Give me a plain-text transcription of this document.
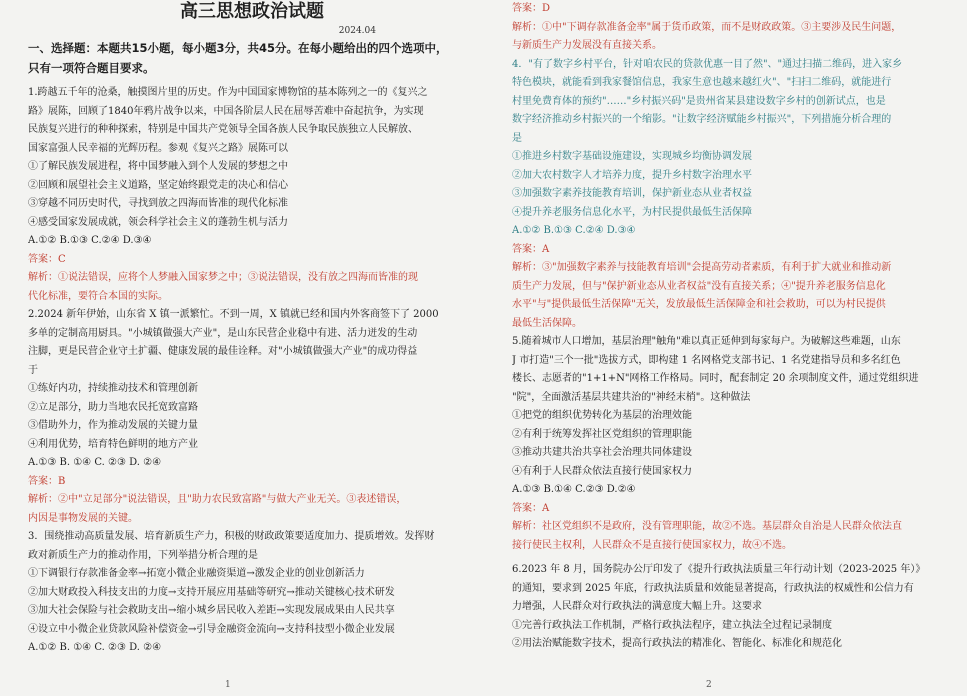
高三思想政治试题
2024.04
一、选择题：本题共15小题，每小题3分，共45分。在每小题给出的四个选项中，
只有一项符合题目要求。
1.跨越五千年的沧桑，触摸图片里的历史。作为中国国家博物馆的基本陈列之一的《复兴之
路》展陈，回顾了1840年鸦片战争以来，中国各阶层人民在屈辱苦难中奋起抗争，为实现
民族复兴进行的种种探索，特别是中国共产党领导全国各族人民争取民族独立人民解放、
国家富强人民幸福的光辉历程。参观《复兴之路》展陈可以
①了解民族发展进程，将中国梦融入到个人发展的梦想之中
②回顾和展望社会主义道路，坚定始终跟党走的决心和信心
③穿越不同历史时代，寻找到放之四海而皆准的现代化标准
④感受国家发展成就，领会科学社会主义的蓬勃生机与活力
A.①② B.①③ C.②④ D.③④
答案：C
解析：①说法错误，应将个人梦融入国家梦之中；③说法错误，没有放之四海而皆准的现
代化标准，要符合本国的实际。
2.2024 新年伊始，山东省 X 镇一派繁忙。不到一周，X 镇就已经和国内外客商签下了 2000
多单的定制高用厨具。"小城镇做强大产业"，是山东民营企业稳中有进、活力迸发的生动
注脚，更是民营企业守土扩疆、健康发展的最佳诠释。对"小城镇做强大产业"的成功得益
于
①练好内功，持续推动技术和管理创新
②立足部分，助力当地农民托宽致富路
③借助外力，作为推动发展的关键力量
④利用优势，培育特色鲜明的地方产业
A.①③ B. ①④ C. ②③ D. ②④
答案：B
解析：②中"立足部分"说法错误，且"助力农民致富路"与做大产业无关。③表述错误，
内因是事物发展的关键。
3．围绕推动高质量发展、培育新质生产力，积极的财政政策要适度加力、提质增效。发挥财
政对新质生产力的推动作用，下列举措分析合理的是
①下调银行存款准备金率→拓宽小微企业融资渠道→激发企业的创业创新活力
②加大财政投入科技支出的力度→支持开展应用基础等研究→推动关键核心技术研发
③加大社会保险与社会救助支出→缩小城乡居民收入差距→实现发展成果由人民共享
④设立中小微企业贷款风险补偿资金→引导金融资金流向→支持科技型小微企业发展
A.①② B. ①④ C. ②③ D. ②④
1
答案：D
解析：①中"下调存款准备金率"属于货币政策，而不是财政政策。③主要涉及民生问题，
与新质生产力发展没有直接关系。
4．"有了数字乡村平台，针对咱农民的贷款优惠一目了然"、"通过扫描二维码，进入家乡
特色模块，就能看到我家餐馆信息，我家生意也越来越红火"、"扫扫二维码，就能进行
村里免费育体的预约"……"乡村振兴码"是贵州省某县建设数字乡村的创新试点，也是
数字经济推动乡村振兴的一个缩影。"让数字经济赋能乡村振兴"，下列措施分析合理的
是
①推进乡村数字基础设施建设，实现城乡均衡协调发展
②加大农村数字人才培养力度，提升乡村数字治理水平
③加强数字素养技能教育培训，保护新业态从业者权益
④提升养老服务信息化水平，为村民提供最低生活保障
A.①② B.①③ C.②④ D.③④
答案：A
解析：③"加强数字素养与技能教育培训"会提高劳动者素质，有利于扩大就业和推动新
质生产力发展，但与"保护新业态从业者权益"没有直接关系；④"提升养老服务信息化
水平"与"提供最低生活保障"无关，发放最低生活保障金和社会救助，可以为村民提供
最低生活保障。
5.随着城市人口增加，基层治理"触角"难以真正延伸到每家每户。为破解这些难题，山东
J 市打造"三个一批"选拔方式，即构建 1 名网格党支部书记、1 名党建指导员和多名红色
楼长、志愿者的"1+1+N"网格工作格局。同时，配套制定 20 余项制度文件，通过党组织进
"院"，全面激活基层共建共治的"神经末梢"。这种做法
①把党的组织优势转化为基层的治理效能
②有利于统筹发挥社区党组织的管理职能
③推动共建共治共享社会治理共同体建设
④有利于人民群众依法直接行使国家权力
A.①③ B.①④ C.②③ D.②④
答案：A
解析：社区党组织不是政府，没有管理职能，故②不选。基层群众自治是人民群众依法直
接行使民主权利，人民群众不是直接行使国家权力，故④不选。
6.2023 年 8 月，国务院办公厅印发了《提升行政执法质量三年行动计划（2023-2025 年）》
的通知，要求到 2025 年底，行政执法质量和效能显著提高，行政执法的权威性和公信力有
力增强，人民群众对行政执法的满意度大幅上升。这要求
①完善行政执法工作机制，严格行政执法程序，建立执法全过程记录制度
②用法治赋能数字技术，提高行政执法的精准化、智能化、标准化和规范化
2
